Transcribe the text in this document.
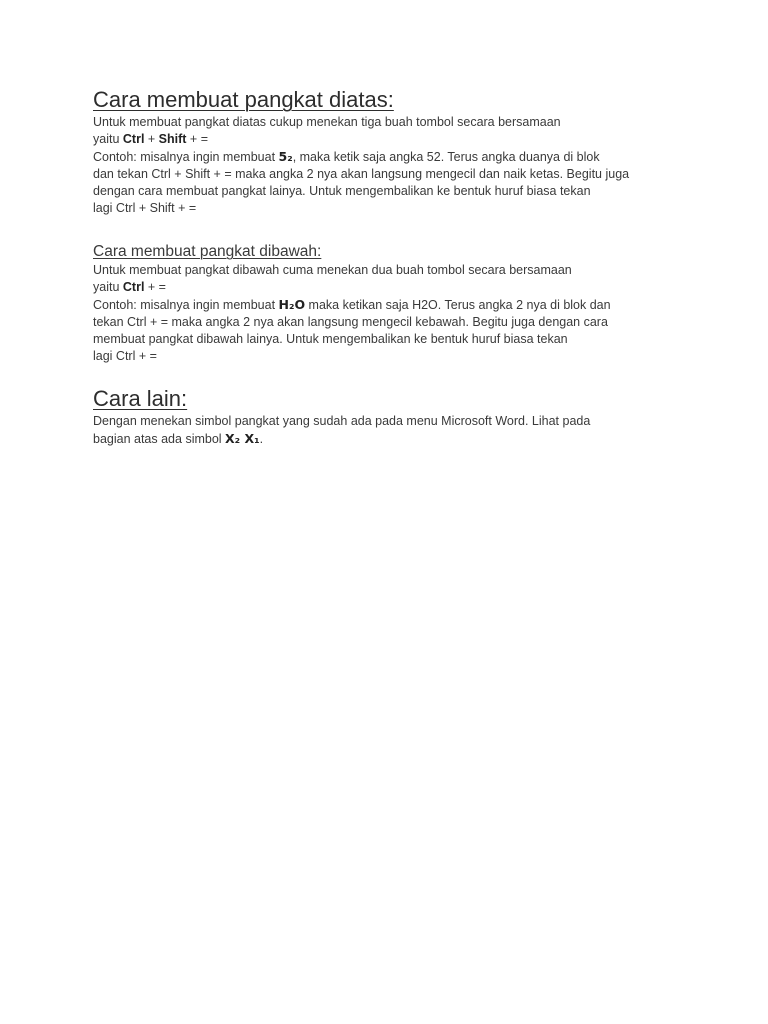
Cara membuat pangkat diatas:

Untuk membuat pangkat diatas cukup menekan tiga buah tombol secara bersamaan

yaitu Ctrl + Shift + =

Contoh: misalnya ingin membuat 5₂, maka ketik saja angka 52. Terus angka duanya di blok

dan tekan Ctrl + Shift + = maka angka 2 nya akan langsung mengecil dan naik ketas. Begitu juga

dengan cara membuat pangkat lainya. Untuk mengembalikan ke bentuk huruf biasa tekan

lagi Ctrl + Shift + =

Cara membuat pangkat dibawah:

Untuk membuat pangkat dibawah cuma menekan dua buah tombol secara bersamaan

yaitu Ctrl + =

Contoh: misalnya ingin membuat H₂O maka ketikan saja H2O. Terus angka 2 nya di blok dan

tekan Ctrl + = maka angka 2 nya akan langsung mengecil kebawah. Begitu juga dengan cara

membuat pangkat dibawah lainya. Untuk mengembalikan ke bentuk huruf biasa tekan

lagi Ctrl + =

Cara lain:

Dengan menekan simbol pangkat yang sudah ada pada menu Microsoft Word. Lihat pada

bagian atas ada simbol X₂ X₁.
